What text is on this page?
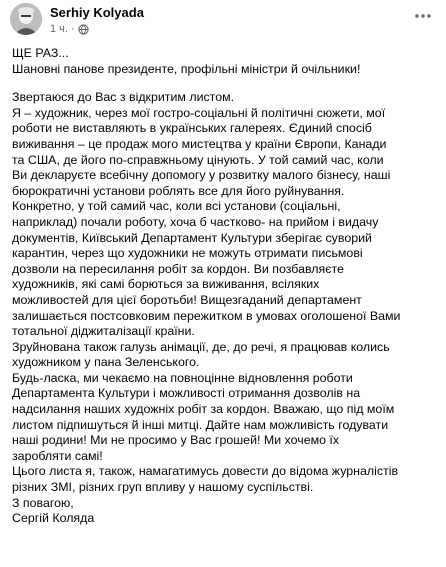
Serhiy Kolyada
1 ч. ·

ЩЕ РАЗ...
Шановні панове президенте, профільні міністри й очільники!

Звертаюся до Вас з відкритим листом.
Я – художник, через мої гостро-соціальні й політичні сюжети, мої
роботи не виставляють в українських галереях. Єдиний спосіб
виживання – це продаж мого мистецтва у країни Європи, Канади
та США, де його по-справжньому цінують. У той самий час, коли
Ви декларуєте всебічну допомогу у розвитку малого бізнесу, наші
бюрократичні установи роблять все для його руйнування.
Конкретно, у той самий час, коли всі установи (соціальні,
наприклад) почали роботу, хоча б частково- на прийом і видачу
документів, Київський Департамент Культури зберігає суворий
карантин, через що художники не можуть отримати письмові
дозволи на пересилання робіт за кордон. Ви позбавляєте
художників, які самі борються за виживання, всіляких
можливостей для цієї боротьби! Вищезгаданий департамент
залишається постсовковим пережитком в умовах оголошеної Вами
тотальної діджиталізації країни.
Зруйнована також галузь анімації, де, до речі, я працював колись
художником у пана Зеленського.
Будь-ласка, ми чекаємо на повноцінне відновлення роботи
Департамента Культури і можливості отримання дозволів на
надсилання наших художніх робіт за кордон. Вважаю, що під моїм
листом підпишуться й інші митці. Дайте нам можливість годувати
наші родини! Ми не просимо у Вас грошей! Ми хочемо їх
заробляти самі!
Цього листа я, також, намагатимусь довести до відома журналістів
різних ЗМІ, різних груп впливу у нашому суспільстві.
З повагою,
Сергій Коляда
